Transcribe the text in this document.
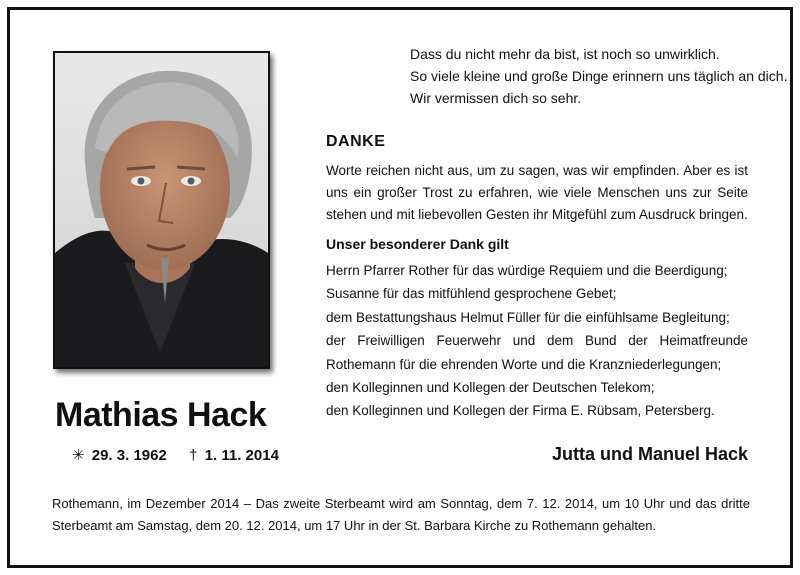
Dass du nicht mehr da bist, ist noch so unwirklich.
So viele kleine und große Dinge erinnern uns täglich an dich.
Wir vermissen dich so sehr.
DANKE
Worte reichen nicht aus, um zu sagen, was wir empfinden. Aber es ist uns ein großer Trost zu erfahren, wie viele Menschen uns zur Seite stehen und mit liebevollen Gesten ihr Mitgefühl zum Ausdruck bringen.
Unser besonderer Dank gilt
Herrn Pfarrer Rother für das würdige Requiem und die Beerdigung;
Susanne für das mitfühlend gesprochene Gebet;
dem Bestattungshaus Helmut Füller für die einfühlsame Begleitung;
der Freiwilligen Feuerwehr und dem Bund der Heimatfreunde Rothemann für die ehrenden Worte und die Kranzniederlegungen;
den Kolleginnen und Kollegen der Deutschen Telekom;
den Kolleginnen und Kollegen der Firma E. Rübsam, Petersberg.
Mathias Hack
✳ 29. 3. 1962 † 1. 11. 2014	Jutta und Manuel Hack
Rothemann, im Dezember 2014 – Das zweite Sterbeamt wird am Sonntag, dem 7. 12. 2014, um 10 Uhr und das dritte Sterbeamt am Samstag, dem 20. 12. 2014, um 17 Uhr in der St. Barbara Kirche zu Rothemann gehalten.
